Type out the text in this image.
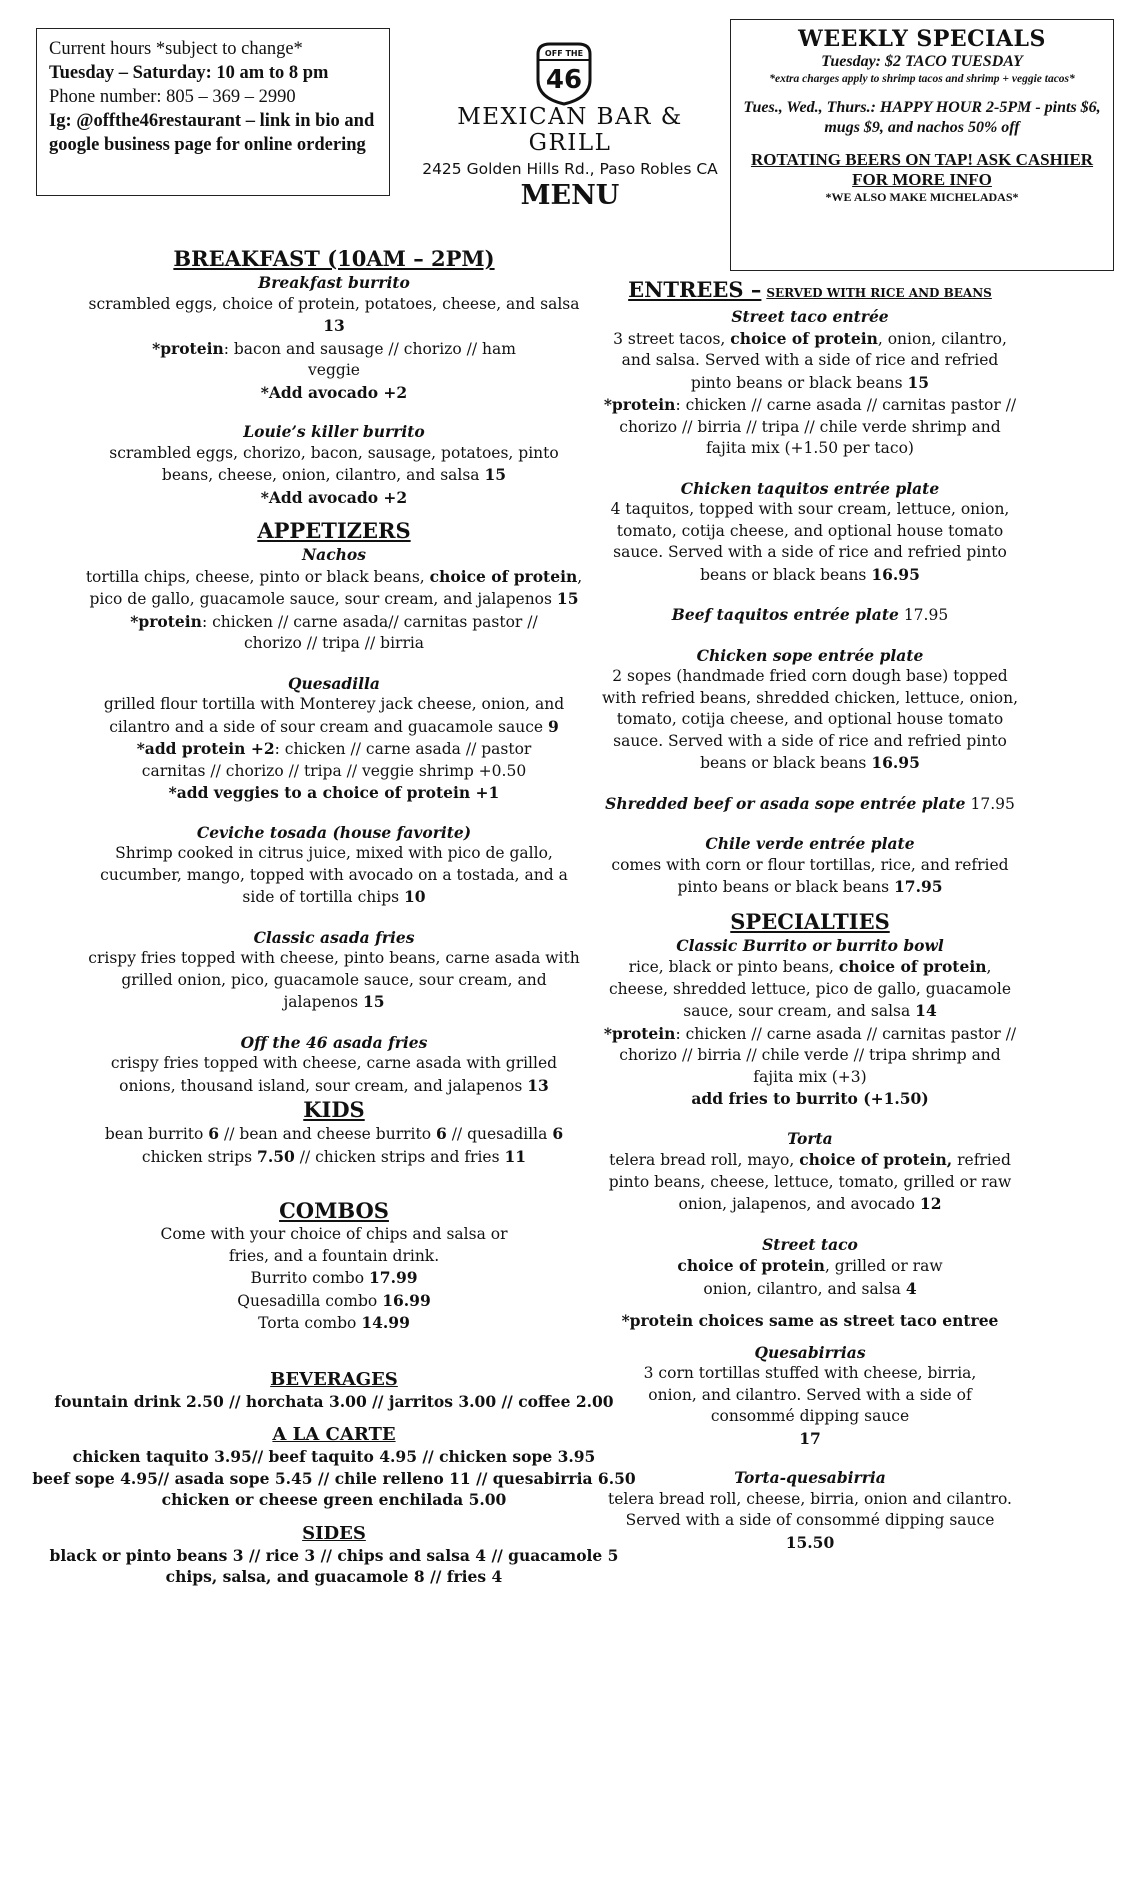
Current hours *subject to change*
Tuesday – Saturday: 10 am to 8 pm
Phone number: 805 – 369 – 2990
Ig: @offthe46restaurant – link in bio and google business page for online ordering
OFF THE
46
MEXICAN BAR & GRILL
2425 Golden Hills Rd., Paso Robles CA
MENU
WEEKLY SPECIALS
Tuesday: $2 TACO TUESDAY
*extra charges apply to shrimp tacos and shrimp + veggie tacos*
Tues., Wed., Thurs.: HAPPY HOUR 2-5PM - pints $6, mugs $9, and nachos 50% off
ROTATING BEERS ON TAP! ASK CASHIER FOR MORE INFO
*WE ALSO MAKE MICHELADAS*
BREAKFAST (10AM – 2PM)
Breakfast burrito
scrambled eggs, choice of protein, potatoes, cheese, and salsa 13
*protein: bacon and sausage // chorizo // ham veggie
*Add avocado +2
Louie’s killer burrito
scrambled eggs, chorizo, bacon, sausage, potatoes, pinto beans, cheese, onion, cilantro, and salsa 15
*Add avocado +2
APPETIZERS
Nachos
tortilla chips, cheese, pinto or black beans, choice of protein, pico de gallo, guacamole sauce, sour cream, and jalapenos 15
*protein: chicken // carne asada// carnitas pastor // chorizo // tripa // birria
Quesadilla
grilled flour tortilla with Monterey jack cheese, onion, and cilantro and a side of sour cream and guacamole sauce 9
*add protein +2: chicken // carne asada // pastor carnitas // chorizo // tripa // veggie shrimp +0.50
*add veggies to a choice of protein +1
Ceviche tosada (house favorite)
Shrimp cooked in citrus juice, mixed with pico de gallo, cucumber, mango, topped with avocado on a tostada, and a side of tortilla chips 10
Classic asada fries
crispy fries topped with cheese, pinto beans, carne asada with grilled onion, pico, guacamole sauce, sour cream, and jalapenos 15
Off the 46 asada fries
crispy fries topped with cheese, carne asada with grilled onions, thousand island, sour cream, and jalapenos 13
KIDS
bean burrito 6 // bean and cheese burrito 6 // quesadilla 6
chicken strips 7.50 // chicken strips and fries 11
COMBOS
Come with your choice of chips and salsa or fries, and a fountain drink.
Burrito combo 17.99
Quesadilla combo 16.99
Torta combo 14.99
BEVERAGES
fountain drink 2.50 // horchata 3.00 // jarritos 3.00 // coffee 2.00
A LA CARTE
chicken taquito 3.95// beef taquito 4.95 // chicken sope 3.95
beef sope 4.95// asada sope 5.45 // chile relleno 11 // quesabirria 6.50
chicken or cheese green enchilada 5.00
SIDES
black or pinto beans 3 // rice 3 // chips and salsa 4 // guacamole 5
chips, salsa, and guacamole 8 // fries 4
ENTREES – SERVED WITH RICE AND BEANS
Street taco entrée
3 street tacos, choice of protein, onion, cilantro, and salsa. Served with a side of rice and refried pinto beans or black beans 15
*protein: chicken // carne asada // carnitas pastor // chorizo // birria // tripa // chile verde shrimp and fajita mix (+1.50 per taco)
Chicken taquitos entrée plate
4 taquitos, topped with sour cream, lettuce, onion, tomato, cotija cheese, and optional house tomato sauce. Served with a side of rice and refried pinto beans or black beans 16.95
Beef taquitos entrée plate 17.95
Chicken sope entrée plate
2 sopes (handmade fried corn dough base) topped with refried beans, shredded chicken, lettuce, onion, tomato, cotija cheese, and optional house tomato sauce. Served with a side of rice and refried pinto beans or black beans 16.95
Shredded beef or asada sope entrée plate 17.95
Chile verde entrée plate
comes with corn or flour tortillas, rice, and refried pinto beans or black beans 17.95
SPECIALTIES
Classic Burrito or burrito bowl
rice, black or pinto beans, choice of protein, cheese, shredded lettuce, pico de gallo, guacamole sauce, sour cream, and salsa 14
*protein: chicken // carne asada // carnitas pastor // chorizo // birria // chile verde // tripa shrimp and fajita mix (+3)
add fries to burrito (+1.50)
Torta
telera bread roll, mayo, choice of protein, refried pinto beans, cheese, lettuce, tomato, grilled or raw onion, jalapenos, and avocado 12
Street taco
choice of protein, grilled or raw onion, cilantro, and salsa 4
*protein choices same as street taco entree
Quesabirrias
3 corn tortillas stuffed with cheese, birria, onion, and cilantro. Served with a side of consommé dipping sauce
17
Torta-quesabirria
telera bread roll, cheese, birria, onion and cilantro. Served with a side of consommé dipping sauce
15.50
